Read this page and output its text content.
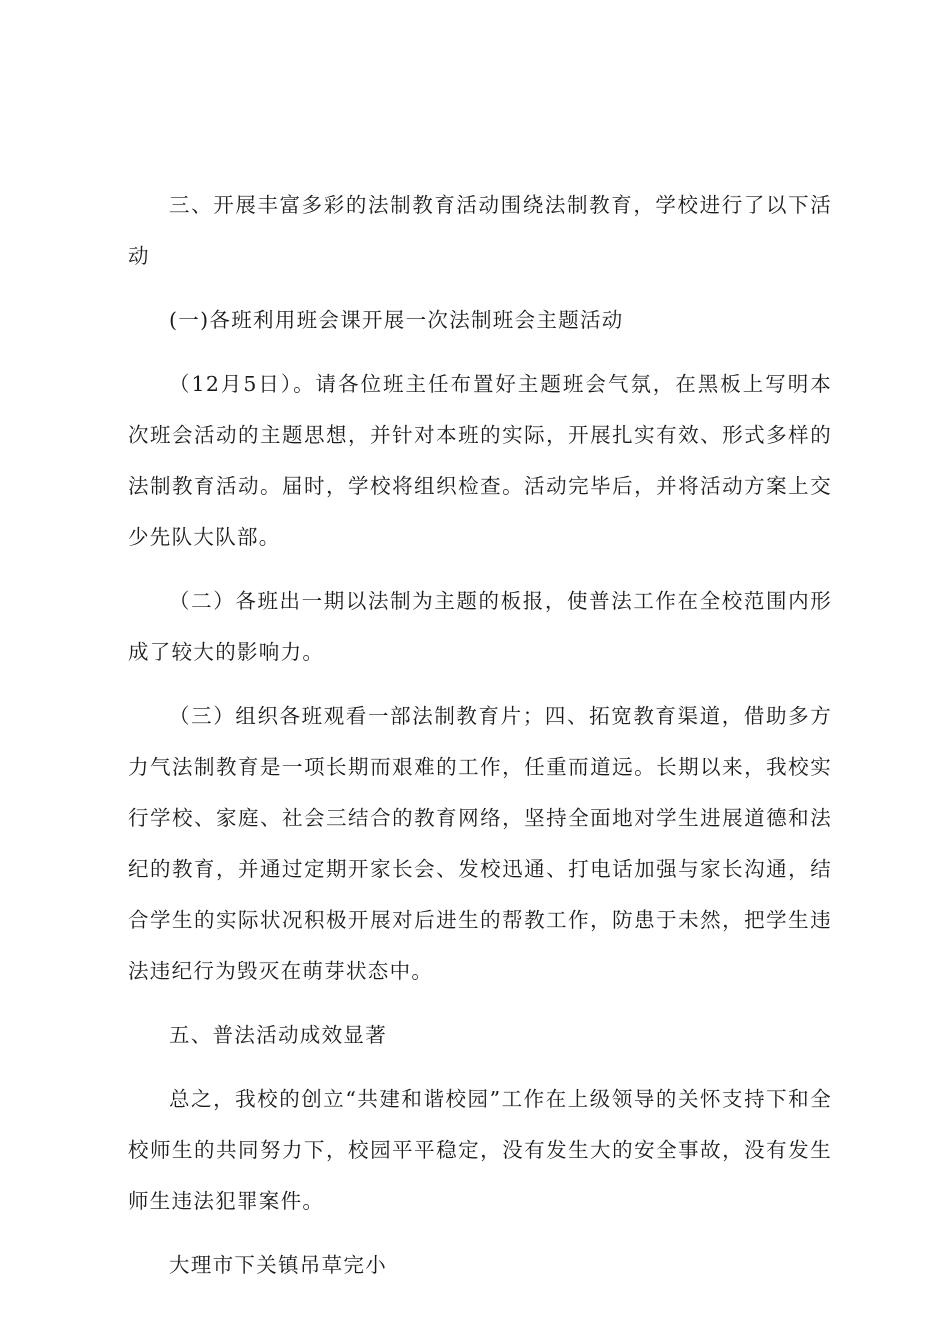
三、开展丰富多彩的法制教育活动围绕法制教育，学校进行了以下活动

(一)各班利用班会课开展一次法制班会主题活动

（12月5日）。请各位班主任布置好主题班会气氛，在黑板上写明本次班会活动的主题思想，并针对本班的实际，开展扎实有效、形式多样的法制教育活动。届时，学校将组织检查。活动完毕后，并将活动方案上交少先队大队部。

（二）各班出一期以法制为主题的板报，使普法工作在全校范围内形成了较大的影响力。

（三）组织各班观看一部法制教育片；四、拓宽教育渠道，借助多方力气法制教育是一项长期而艰难的工作，任重而道远。长期以来，我校实行学校、家庭、社会三结合的教育网络，坚持全面地对学生进展道德和法纪的教育，并通过定期开家长会、发校迅通、打电话加强与家长沟通，结合学生的实际状况积极开展对后进生的帮教工作，防患于未然，把学生违法违纪行为毁灭在萌芽状态中。

五、普法活动成效显著

总之，我校的创立“共建和谐校园”工作在上级领导的关怀支持下和全校师生的共同努力下，校园平平稳定，没有发生大的安全事故，没有发生师生违法犯罪案件。

大理市下关镇吊草完小
